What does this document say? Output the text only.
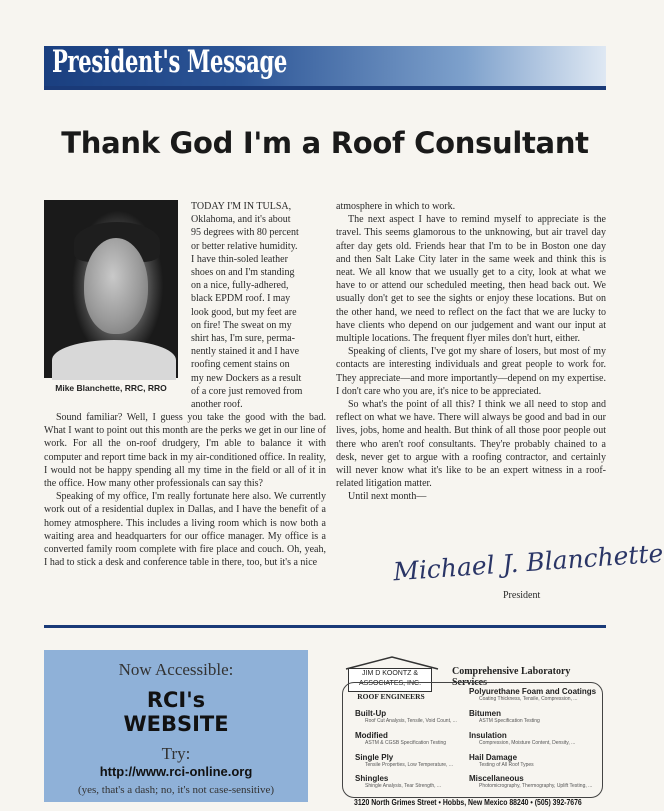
President's Message
Thank God I'm a Roof Consultant
Mike Blanchette, RRC, RRO
TODAY I'M IN TULSA,
Oklahoma, and it's about
95 degrees with 80 percent
or better relative humidity.
I have thin-soled leather
shoes on and I'm standing
on a nice, fully-adhered,
black EPDM roof. I may
look good, but my feet are
on fire! The sweat on my
shirt has, I'm sure, perma-
nently stained it and I have
roofing cement stains on
my new Dockers as a result
of a core just removed from
another roof.

Sound familiar? Well, I guess you take the good with the bad. What I want to point out this month are the perks we get in our line of work. For all the on-roof drudgery, I'm able to balance it with computer and report time back in my air-conditioned office. In reality, I would not be happy spending all my time in the field or all of it in the office. How many other professionals can say this?

Speaking of my office, I'm really fortunate here also. We currently work out of a residential duplex in Dallas, and I have the benefit of a homey atmosphere. This includes a living room which is now both a waiting area and headquarters for our office manager. My office is a converted family room complete with fire place and couch. Oh, yeah, I had to stick a desk and conference table in there, too, but it's a nice

atmosphere in which to work.

The next aspect I have to remind myself to appreciate is the travel. This seems glamorous to the unknowing, but air travel day after day gets old. Friends hear that I'm to be in Boston one day and then Salt Lake City later in the same week and think this is neat. We all know that we usually get to a city, look at what we have to or attend our scheduled meeting, then head back out. We usually don't get to see the sights or enjoy these locations. But on the other hand, we need to reflect on the fact that we are lucky to have clients who depend on our judgement and want our input at multiple locations. The frequent flyer miles don't hurt, either.

Speaking of clients, I've got my share of losers, but most of my contacts are interesting individuals and great people to work for. They appreciate—and more importantly—depend on my expertise. I don't care who you are, it's nice to be appreciated.

So what's the point of all this? I think we all need to stop and reflect on what we have. There will always be good and bad in our lives, jobs, home and health. But think of all those poor people out there who aren't roof consultants. They're probably chained to a desk, never get to argue with a roofing contractor, and certainly will never know what it's like to be an expert witness in a roof-related litigation matter.

Until next month—

Michael J. Blanchette
President
Now Accessible:
RCI's
WEBSITE
Try:
http://www.rci-online.org
(yes, that's a dash; no, it's not case-sensitive)
JIM D KOONTZ & ASSOCIATES, INC.
ROOF ENGINEERS
Comprehensive Laboratory Services
Built-Up
Roof Cut Analysis, Tensile, Void Count, ...
Modified
ASTM & CGSB Specification Testing
Single Ply
Tensile Properties, Low Temperature, ...
Shingles
Shingle Analysis, Tear Strength, ...
Polyurethane Foam and Coatings
Coating Thickness, Tensile, Compression, ...
Bitumen
ASTM Specification Testing
Insulation
Compression, Moisture Content, Density, ...
Hail Damage
Testing of All Roof Types
Miscellaneous
Photomicrography, Thermography, Uplift Testing, ...
3120 North Grimes Street • Hobbs, New Mexico 88240 • (505) 392-7676
